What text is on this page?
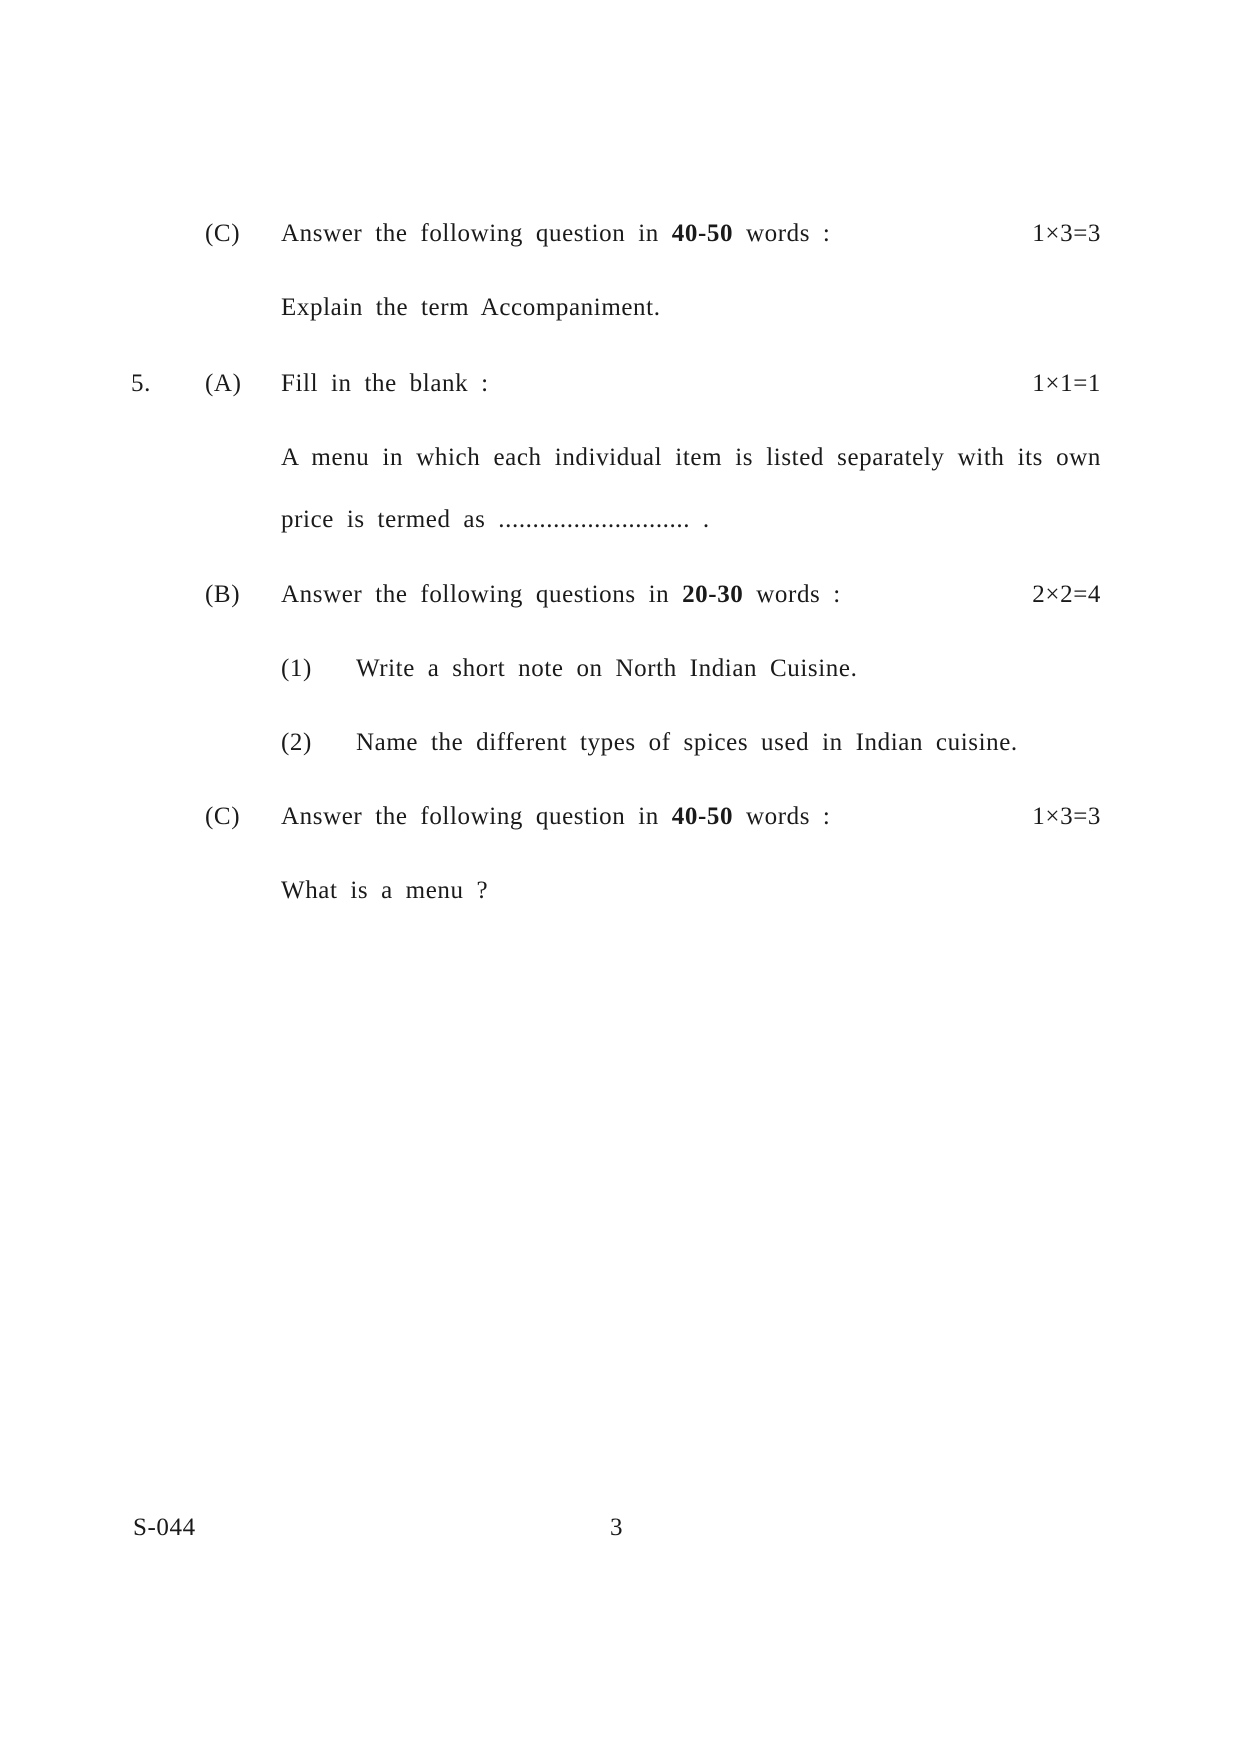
(C) Answer the following question in 40-50 words :	1×3=3
Explain the term Accompaniment.
5. (A) Fill in the blank :	1×1=1
A menu in which each individual item is listed separately with its own
price is termed as ............................ .
(B) Answer the following questions in 20-30 words :	2×2=4
(1) Write a short note on North Indian Cuisine.
(2) Name the different types of spices used in Indian cuisine.
(C) Answer the following question in 40-50 words :	1×3=3
What is a menu ?
S-044	3
